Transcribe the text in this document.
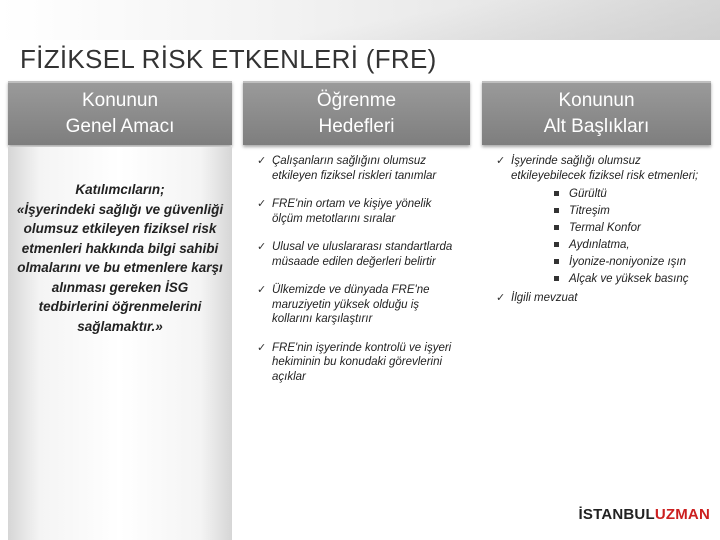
FİZİKSEL RİSK ETKENLERİ (FRE)
Konunun
Genel Amacı
Öğrenme
Hedefleri
Konunun
Alt Başlıkları

Katılımcıların;

«İşyerindeki sağlığı ve güvenliği olumsuz etkileyen fiziksel risk etmenleri hakkında bilgi sahibi olmalarını ve bu etmenlere karşı alınması gereken İSG tedbirlerini öğrenmelerini sağlamaktır.»

✓ Çalışanların sağlığını olumsuz etkileyen fiziksel riskleri tanımlar
✓ FRE'nin ortam ve kişiye yönelik ölçüm metotlarını sıralar
✓ Ulusal ve uluslararası standartlarda müsaade edilen değerleri belirtir
✓ Ülkemizde ve dünyada FRE'ne maruziyetin yüksek olduğu iş kollarını karşılaştırır
✓ FRE'nin işyerinde kontrolü ve işyeri hekiminin bu konudaki görevlerini açıklar
✓ İşyerinde sağlığı olumsuz etkileyebilecek fiziksel risk etmenleri;
Gürültü
Titreşim
Termal Konfor
Aydınlatma,
İyonize-noniyonize ışın
Alçak ve yüksek basınç
✓ İlgili mevzuat
İSTANBULUZMAN
